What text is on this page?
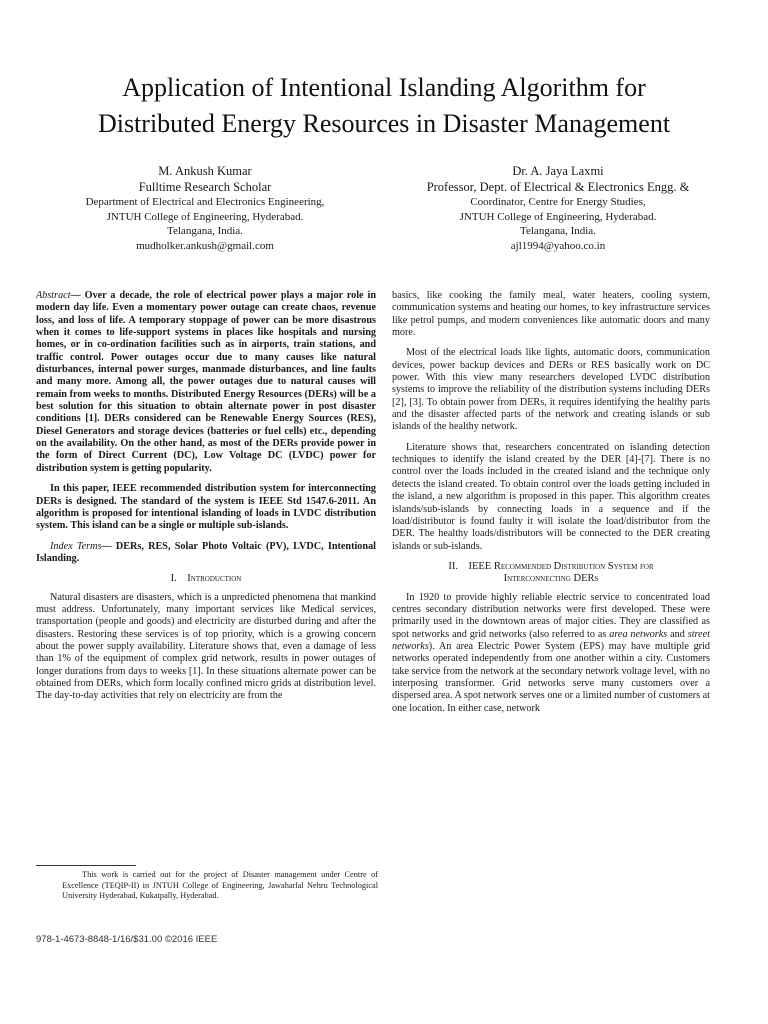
Application of Intentional Islanding Algorithm for
Distributed Energy Resources in Disaster Management
M. Ankush Kumar
Fulltime Research Scholar
Department of Electrical and Electronics Engineering,
JNTUH College of Engineering, Hyderabad.
Telangana, India.
mudholker.ankush@gmail.com
Dr. A. Jaya Laxmi
Professor, Dept. of Electrical & Electronics Engg. &
Coordinator, Centre for Energy Studies,
JNTUH College of Engineering, Hyderabad.
Telangana, India.
ajl1994@yahoo.co.in

Abstract— Over a decade, the role of electrical power plays a major role in modern day life. Even a momentary power outage can create chaos, revenue loss, and loss of life. A temporary stoppage of power can be more disastrous when it comes to life-support systems in places like hospitals and nursing homes, or in co-ordination facilities such as in airports, train stations, and traffic control. Power outages occur due to many causes like natural disturbances, internal power surges, manmade disturbances, and line faults and many more. Among all, the power outages due to natural causes will remain from weeks to months. Distributed Energy Resources (DERs) will be a best solution for this situation to obtain alternate power in post disaster conditions [1]. DERs considered can be Renewable Energy Sources (RES), Diesel Generators and storage devices (batteries or fuel cells) etc., depending on the availability. On the other hand, as most of the DERs provide power in the form of Direct Current (DC), Low Voltage DC (LVDC) power for distribution system is getting popularity.

In this paper, IEEE recommended distribution system for interconnecting DERs is designed. The standard of the system is IEEE Std 1547.6-2011. An algorithm is proposed for intentional islanding of loads in LVDC distribution system. This island can be a single or multiple sub-islands.

Index Terms— DERs, RES, Solar Photo Voltaic (PV), LVDC, Intentional Islanding.

I. Introduction

Natural disasters are disasters, which is a unpredicted phenomena that mankind must address. Unfortunately, many important services like Medical services, transportation (people and goods) and electricity are disturbed during and after the disasters. Restoring these services is of top priority, which is a growing concern about the power supply availability. Literature shows that, even a damage of less than 1% of the equipment of complex grid network, results in power outages of longer durations from days to weeks [1]. In these situations alternate power can be obtained from DERs, which form locally confined micro grids at distribution level. The day-to-day activities that rely on electricity are from the

basics, like cooking the family meal, water heaters, cooling system, communication systems and heating our homes, to key infrastructure services like petrol pumps, and modern conveniences like automatic doors and many more.

Most of the electrical loads like lights, automatic doors, communication devices, power backup devices and DERs or RES basically work on DC power. With this view many researchers developed LVDC distribution systems to improve the reliability of the distribution systems including DERs [2], [3]. To obtain power from DERs, it requires identifying the healthy parts and the disaster affected parts of the network and creating islands or sub islands of the healthy network.

Literature shows that, researchers concentrated on islanding detection techniques to identify the island created by the DER [4]-[7]. There is no control over the loads included in the created island and the technique only detects the island created. To obtain control over the loads getting included in the island, a new algorithm is proposed in this paper. This algorithm creates islands/sub-islands by connecting loads in a sequence and if the load/distributor is found faulty it will isolate the load/distributor from the DER. The healthy loads/distributors will be connected to the DER creating islands or sub-islands.

II. IEEE Recommended Distribution System for
Interconnecting DERs

In 1920 to provide highly reliable electric service to concentrated load centres secondary distribution networks were first developed. These were primarily used in the downtown areas of major cities. They are classified as spot networks and grid networks (also referred to as area networks and street networks). An area Electric Power System (EPS) may have multiple grid networks operated independently from one another within a city. Customers take service from the network at the secondary network voltage level, with no interposing transformer. Grid networks serve many customers over a dispersed area. A spot network serves one or a limited number of customers at one location. In either case, network

This work is carried out for the project of Disaster management under Centre of Excellence (TEQIP-II) in JNTUH College of Engineering, Jawaharlal Nehru Technological University Hyderabad, Kukatpally, Hyderabad.
978-1-4673-8848-1/16/$31.00 ©2016 IEEE
